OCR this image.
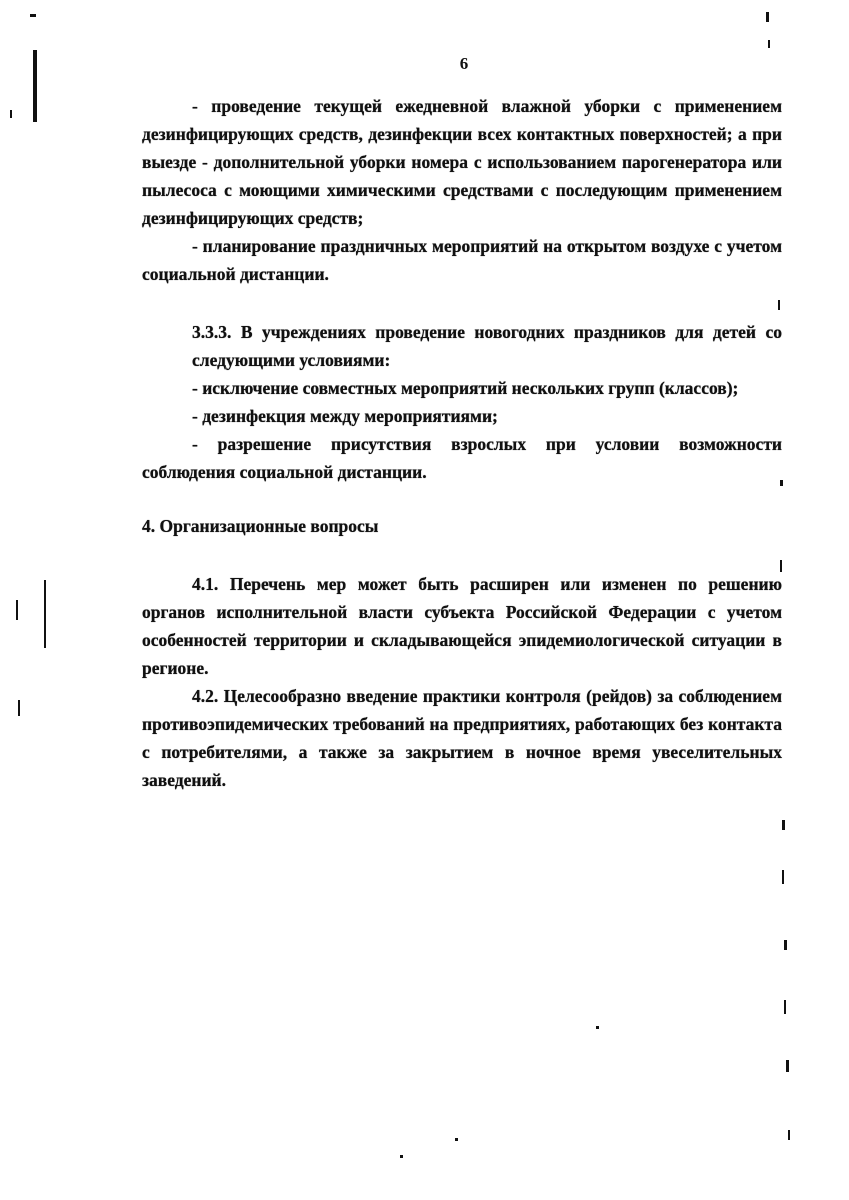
6

- проведение текущей ежедневной влажной уборки с применением дезинфицирующих средств, дезинфекции всех контактных поверхностей; а при выезде - дополнительной уборки номера с использованием парогенератора или пылесоса с моющими химическими средствами с последующим применением дезинфицирующих средств;

- планирование праздничных мероприятий на открытом воздухе с учетом социальной дистанции.

3.3.3. В учреждениях проведение новогодних праздников для детей со следующими условиями:

- исключение совместных мероприятий нескольких групп (классов);

- дезинфекция между мероприятиями;

- разрешение присутствия взрослых при условии возможности соблюдения социальной дистанции.

4. Организационные вопросы

4.1. Перечень мер может быть расширен или изменен по решению органов исполнительной власти субъекта Российской Федерации с учетом особенностей территории и складывающейся эпидемиологической ситуации в регионе.

4.2. Целесообразно введение практики контроля (рейдов) за соблюдением противоэпидемических требований на предприятиях, работающих без контакта с потребителями, а также за закрытием в ночное время увеселительных заведений.
